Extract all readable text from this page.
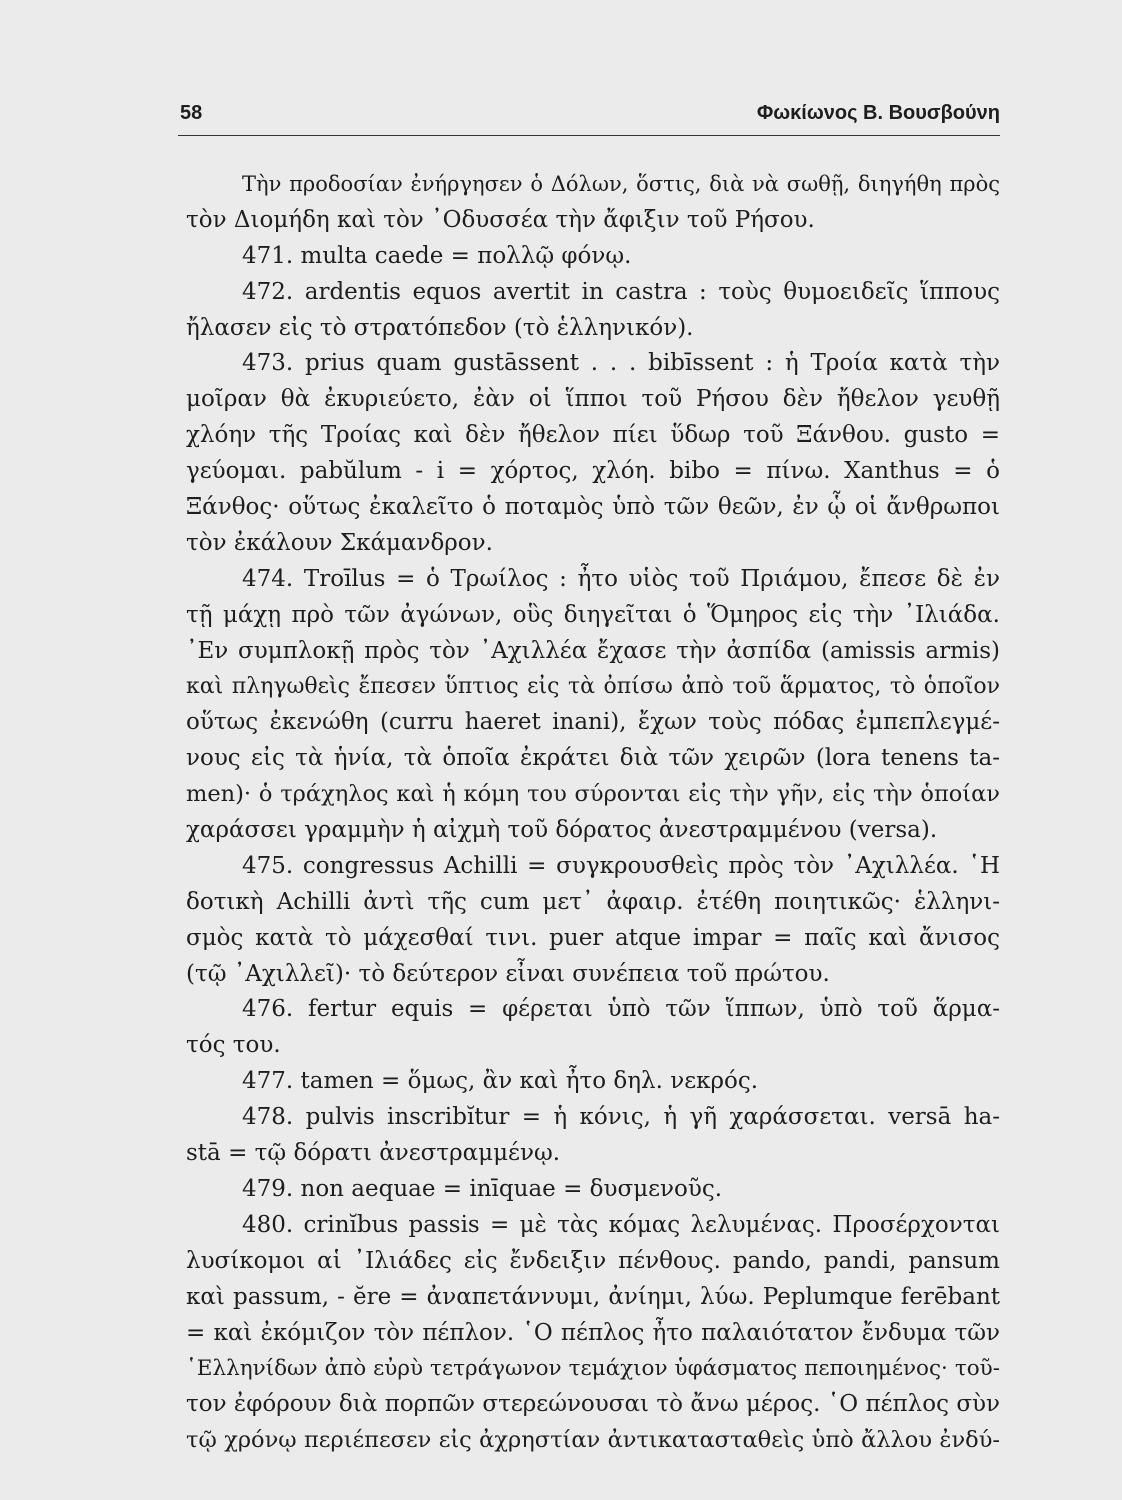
58	Φωκίωνος Β. Βουσβούνη
Τὴν προδοσίαν ἐνήργησεν ὁ Δόλων, ὅστις, διὰ νὰ σωθῇ, διηγήθη πρὸς
τὸν Διομήδη καὶ τὸν ᾿Οδυσσέα τὴν ἄφιξιν τοῦ Ρήσου.
471. multa caede = πολλῷ φόνῳ.
472. ardentis equos avertit in castra : τοὺς θυμοειδεῖς ἵππους
ἤλασεν εἰς τὸ στρατόπεδον (τὸ ἑλληνικόν).
473. prius quam gustāssent . . . bibīssent : ἡ Τροία κατὰ τὴν
μοῖραν θὰ ἐκυριεύετο, ἐὰν οἱ ἵπποι τοῦ Ρήσου δὲν ἤθελον γευθῇ
χλόην τῆς Τροίας καὶ δὲν ἤθελον πίει ὕδωρ τοῦ Ξάνθου. gusto =
γεύομαι. pabŭlum - i = χόρτος, χλόη. bibo = πίνω. Xanthus = ὁ
Ξάνθος· οὕτως ἐκαλεῖτο ὁ ποταμὸς ὑπὸ τῶν θεῶν, ἐν ᾧ οἱ ἄνθρωποι
τὸν ἐκάλουν Σκάμανδρον.
474. Troīlus = ὁ Τρωίλος : ἦτο υἱὸς τοῦ Πριάμου, ἔπεσε δὲ ἐν
τῇ μάχῃ πρὸ τῶν ἀγώνων, οὓς διηγεῖται ὁ Ὅμηρος εἰς τὴν ᾿Ιλιάδα.
᾿Εν συμπλοκῇ πρὸς τὸν ᾿Αχιλλέα ἔχασε τὴν ἀσπίδα (amissis armis)
καὶ πληγωθεὶς ἔπεσεν ὕπτιος εἰς τὰ ὀπίσω ἀπὸ τοῦ ἅρματος, τὸ ὁποῖον
οὕτως ἐκενώθη (curru haeret inani), ἔχων τοὺς πόδας ἐμπεπλεγμέ-
νους εἰς τὰ ἡνία, τὰ ὁποῖα ἐκράτει διὰ τῶν χειρῶν (lora tenens ta-
men)· ὁ τράχηλος καὶ ἡ κόμη του σύρονται εἰς τὴν γῆν, εἰς τὴν ὁποίαν
χαράσσει γραμμὴν ἡ αἰχμὴ τοῦ δόρατος ἀνεστραμμένου (versa).
475. congressus Achilli = συγκρουσθεὶς πρὸς τὸν ᾿Αχιλλέα. ῾Η
δοτικὴ Achilli ἀντὶ τῆς cum μετ᾿ ἀφαιρ. ἐτέθη ποιητικῶς· ἑλληνι-
σμὸς κατὰ τὸ μάχεσθαί τινι. puer atque impar = παῖς καὶ ἄνισος
(τῷ ᾿Αχιλλεῖ)· τὸ δεύτερον εἶναι συνέπεια τοῦ πρώτου.
476. fertur equis = φέρεται ὑπὸ τῶν ἵππων, ὑπὸ τοῦ ἅρμα-
τός του.
477. tamen = ὅμως, ἂν καὶ ἦτο δηλ. νεκρός.
478. pulvis inscribĭtur = ἡ κόνις, ἡ γῆ χαράσσεται. versā ha-
stā = τῷ δόρατι ἀνεστραμμένῳ.
479. non aequae = inīquae = δυσμενοῦς.
480. crinĭbus passis = μὲ τὰς κόμας λελυμένας. Προσέρχονται
λυσίκομοι αἱ ᾿Ιλιάδες εἰς ἔνδειξιν πένθους. pando, pandi, pansum
καὶ passum, - ĕre = ἀναπετάννυμι, ἀνίημι, λύω. Peplumque ferēbant
= καὶ ἐκόμιζον τὸν πέπλον. ῾Ο πέπλος ἦτο παλαιότατον ἔνδυμα τῶν
῾Ελληνίδων ἀπὸ εὐρὺ τετράγωνον τεμάχιον ὑφάσματος πεποιημένος· τοῦ-
τον ἐφόρουν διὰ πορπῶν στερεώνουσαι τὸ ἄνω μέρος. ῾Ο πέπλος σὺν
τῷ χρόνῳ περιέπεσεν εἰς ἀχρηστίαν ἀντικατασταθεὶς ὑπὸ ἄλλου ἐνδύ-
